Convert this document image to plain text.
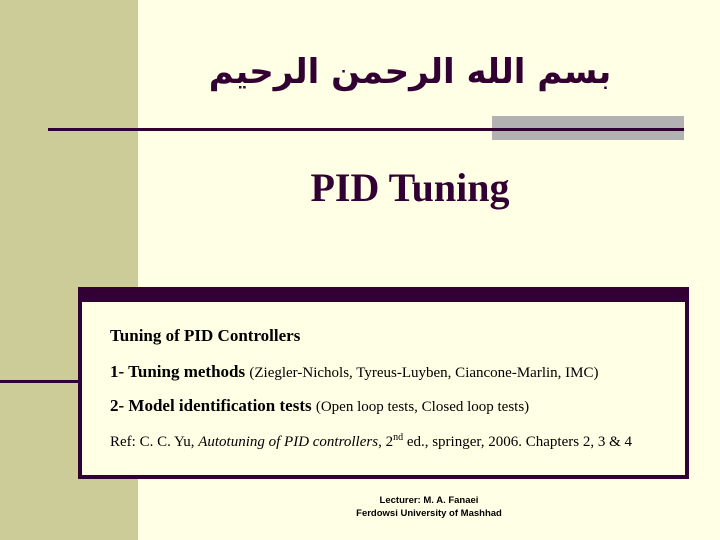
بسم الله الرحمن الرحيم
PID Tuning
Tuning of PID Controllers
1- Tuning methods (Ziegler-Nichols, Tyreus-Luyben, Ciancone-Marlin, IMC)
2- Model identification tests (Open loop tests, Closed loop tests)
Ref: C. C. Yu, Autotuning of PID controllers, 2nd ed., springer, 2006. Chapters 2, 3 & 4
Lecturer: M. A. Fanaei
Ferdowsi University of Mashhad
